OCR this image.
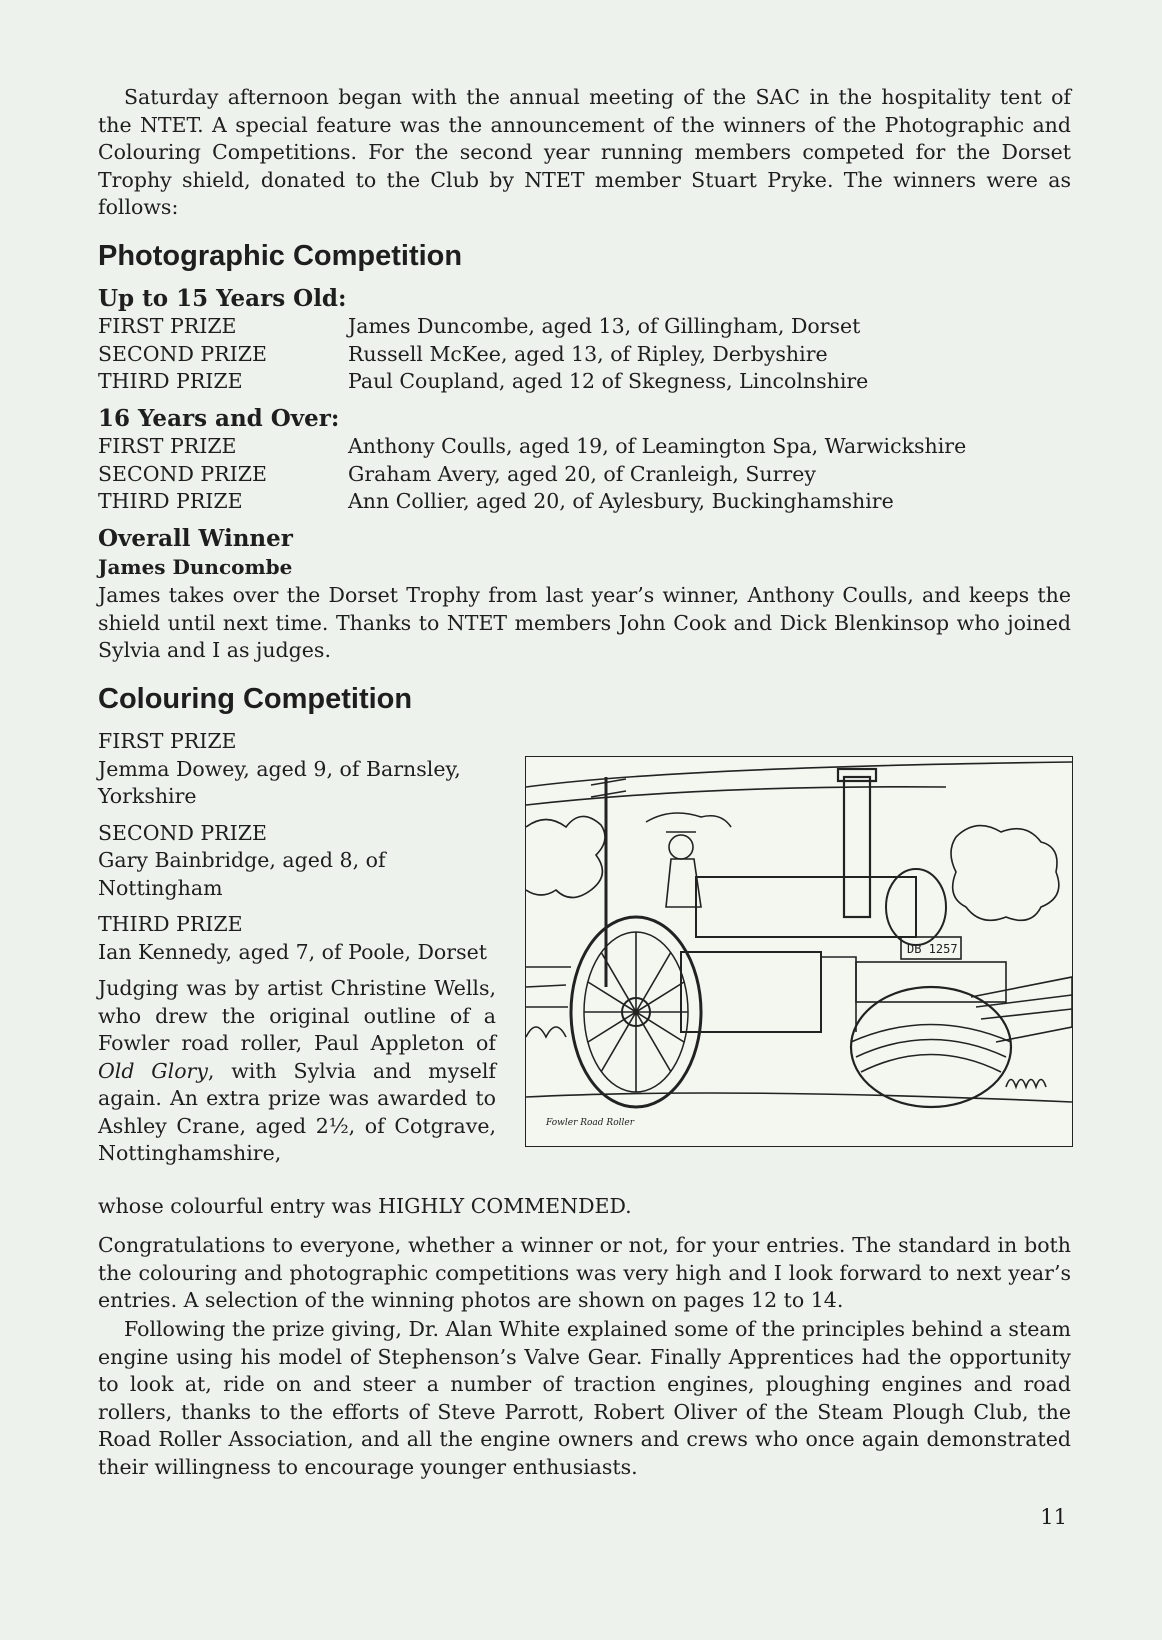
Saturday afternoon began with the annual meeting of the SAC in the hospitality tent of the NTET. A special feature was the announcement of the winners of the Photographic and Colouring Competitions. For the second year running members competed for the Dorset Trophy shield, donated to the Club by NTET member Stuart Pryke. The winners were as follows:

Photographic Competition
Up to 15 Years Old:
FIRST PRIZE	James Duncombe, aged 13, of Gillingham, Dorset
SECOND PRIZE	Russell McKee, aged 13, of Ripley, Derbyshire
THIRD PRIZE	Paul Coupland, aged 12 of Skegness, Lincolnshire
16 Years and Over:
FIRST PRIZE	Anthony Coulls, aged 19, of Leamington Spa, Warwickshire
SECOND PRIZE	Graham Avery, aged 20, of Cranleigh, Surrey
THIRD PRIZE	Ann Collier, aged 20, of Aylesbury, Buckinghamshire
Overall Winner
James Duncombe

James takes over the Dorset Trophy from last year’s winner, Anthony Coulls, and keeps the shield until next time. Thanks to NTET members John Cook and Dick Blenkinsop who joined Sylvia and I as judges.

Colouring Competition

FIRST PRIZE

Jemma Dowey, aged 9, of Barnsley, Yorkshire

SECOND PRIZE

Gary Bainbridge, aged 8, of Nottingham

THIRD PRIZE

Ian Kennedy, aged 7, of Poole, Dorset

Judging was by artist Christine Wells, who drew the original outline of a Fowler road roller, Paul Appleton of Old Glory, with Sylvia and myself again. An extra prize was awarded to Ashley Crane, aged 2½, of Cotgrave, Nottinghamshire,

whose colourful entry was HIGHLY COMMENDED.
DB 1257
Fowler Road Roller

Congratulations to everyone, whether a winner or not, for your entries. The standard in both the colouring and photographic competitions was very high and I look forward to next year’s entries. A selection of the winning photos are shown on pages 12 to 14.

Following the prize giving, Dr. Alan White explained some of the principles behind a steam engine using his model of Stephenson’s Valve Gear. Finally Apprentices had the opportunity to look at, ride on and steer a number of traction engines, ploughing engines and road rollers, thanks to the efforts of Steve Parrott, Robert Oliver of the Steam Plough Club, the Road Roller Association, and all the engine owners and crews who once again demonstrated their willingness to encourage younger enthusiasts.

11
